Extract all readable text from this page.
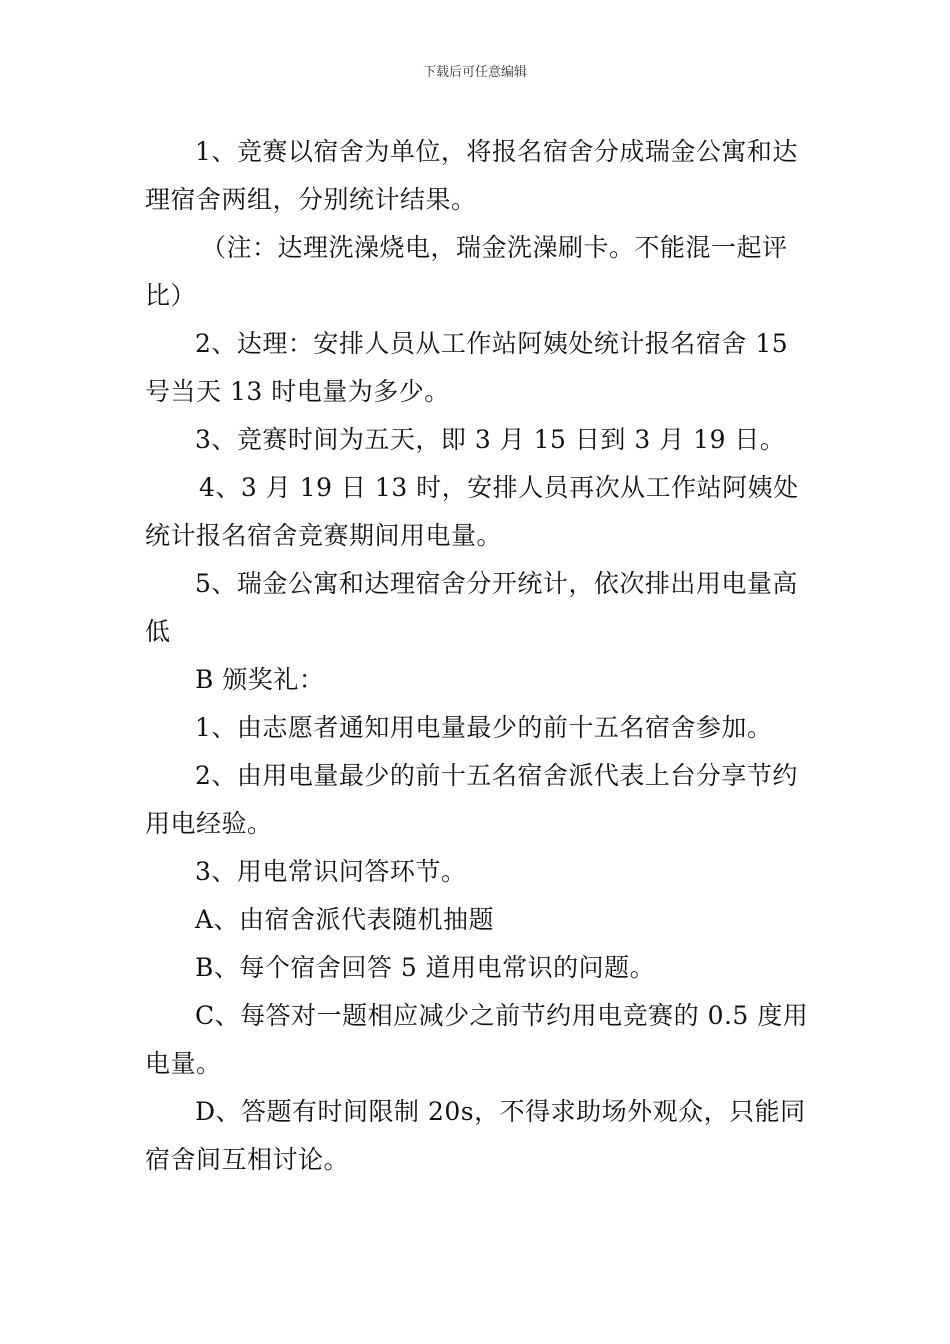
下载后可任意编辑

1、竞赛以宿舍为单位，将报名宿舍分成瑞金公寓和达理宿舍两组，分别统计结果。

（注：达理洗澡烧电，瑞金洗澡刷卡。不能混一起评比）

2、达理：安排人员从工作站阿姨处统计报名宿舍 15 号当天 13 时电量为多少。

3、竞赛时间为五天，即 3 月 15 日到 3 月 19 日。

4、3 月 19 日 13 时，安排人员再次从工作站阿姨处统计报名宿舍竞赛期间用电量。

5、瑞金公寓和达理宿舍分开统计，依次排出用电量高低

B 颁奖礼：

1、由志愿者通知用电量最少的前十五名宿舍参加。

2、由用电量最少的前十五名宿舍派代表上台分享节约用电经验。

3、用电常识问答环节。

A、由宿舍派代表随机抽题

B、每个宿舍回答 5 道用电常识的问题。

C、每答对一题相应减少之前节约用电竞赛的 0.5 度用电量。

D、答题有时间限制 20s，不得求助场外观众，只能同宿舍间互相讨论。
